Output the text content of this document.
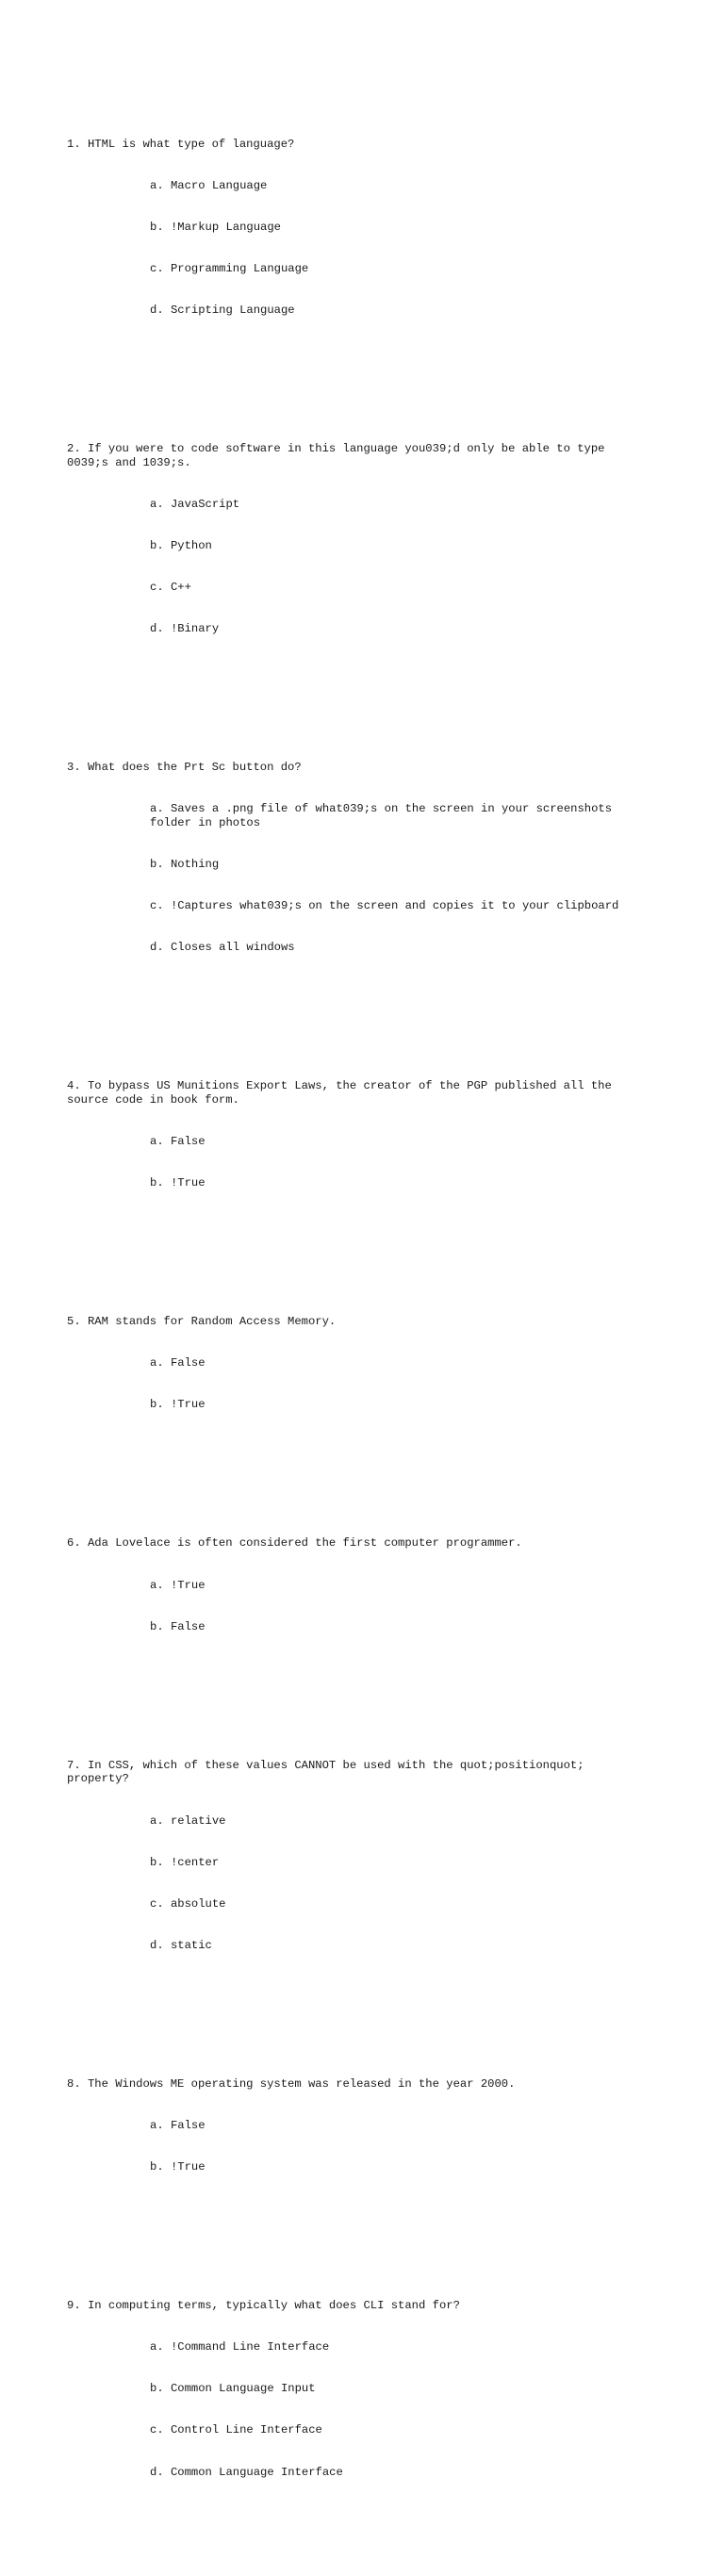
1. HTML is what type of language?

a. Macro Language

b. !Markup Language

c. Programming Language

d. Scripting Language

2. If you were to code software in this language you039;d only be able to type 0039;s and 1039;s.

a. JavaScript

b. Python

c. C++

d. !Binary

3. What does the Prt Sc button do?

a. Saves a .png file of what039;s on the screen in your screenshots folder in photos

b. Nothing

c. !Captures what039;s on the screen and copies it to your clipboard

d. Closes all windows

4. To bypass US Munitions Export Laws, the creator of the PGP published all the source code in book form.

a. False

b. !True

5. RAM stands for Random Access Memory.

a. False

b. !True

6. Ada Lovelace is often considered the first computer programmer.

a. !True

b. False

7. In CSS, which of these values CANNOT be used with the quot;positionquot; property?

a. relative

b. !center

c. absolute

d. static

8. The Windows ME operating system was released in the year 2000.

a. False

b. !True

9. In computing terms, typically what does CLI stand for?

a. !Command Line Interface

b. Common Language Input

c. Control Line Interface

d. Common Language Interface
